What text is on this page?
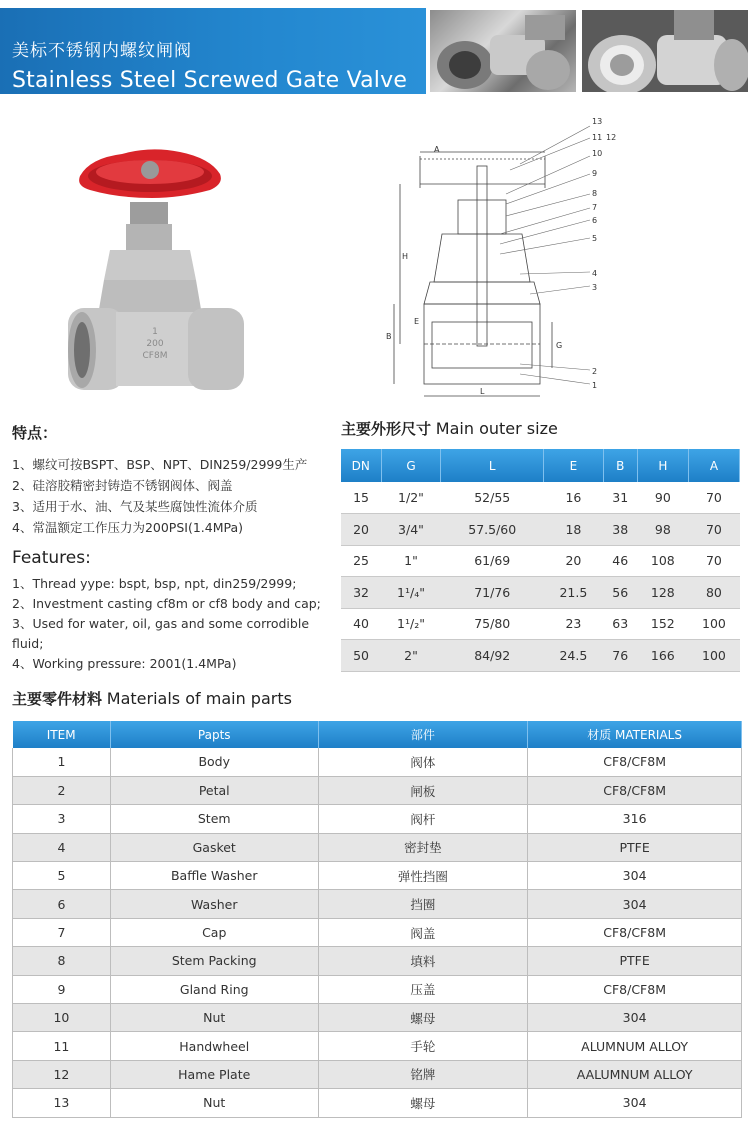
美标不锈钢内螺纹闸阀
Stainless Steel Screwed Gate Valve
1
200
CF8M
A
H
B
L
E
G
1
2
3
4
5
6
7
8
9
10
11 12
13
特点：
1、螺纹可按BSPT、BSP、NPT、DIN259/2999生产
2、硅溶胶精密封铸造不锈钢阀体、阀盖
3、适用于水、油、气及某些腐蚀性流体介质
4、常温额定工作压力为200PSI(1.4MPa)
Features:
1、Thread yype: bspt, bsp, npt, din259/2999;
2、Investment casting cf8m or cf8 body and cap;
3、Used for water, oil, gas and some corrodible fluid;
4、Working pressure: 2001(1.4MPa)
主要外形尺寸 Main outer size
DN	G	L	E	B	H	A
15	1/2"	52/55	16	31	90	70
20	3/4"	57.5/60	18	38	98	70
25	1"	61/69	20	46	108	70
32	1¹/₄"	71/76	21.5	56	128	80
40	1¹/₂"	75/80	23	63	152	100
50	2"	84/92	24.5	76	166	100
主要零件材料 Materials of main parts
ITEM	Papts	部件	材质 MATERIALS
1	Body	阀体	CF8/CF8M
2	Petal	闸板	CF8/CF8M
3	Stem	阀杆	316
4	Gasket	密封垫	PTFE
5	Baffle Washer	弹性挡圈	304
6	Washer	挡圈	304
7	Cap	阀盖	CF8/CF8M
8	Stem Packing	填料	PTFE
9	Gland Ring	压盖	CF8/CF8M
10	Nut	螺母	304
11	Handwheel	手轮	ALUMNUM ALLOY
12	Hame Plate	铭牌	AALUMNUM ALLOY
13	Nut	螺母	304
